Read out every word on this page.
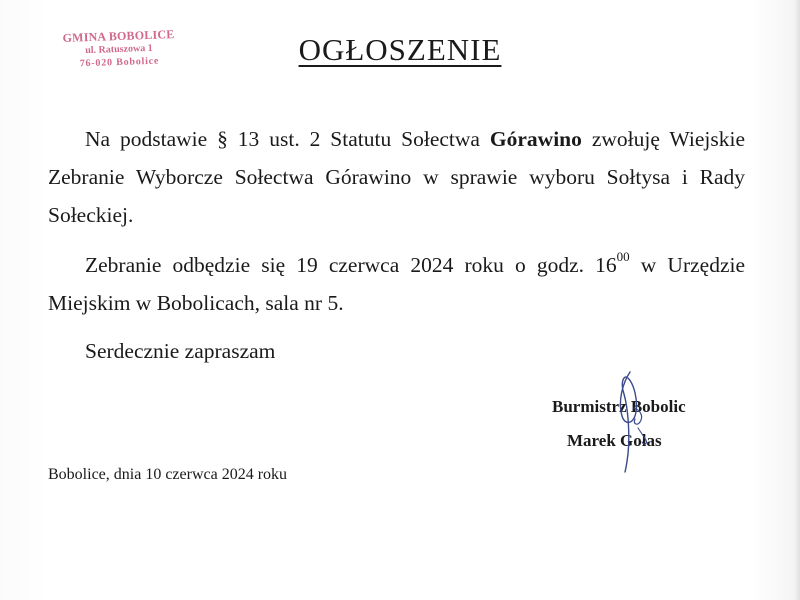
GMINA BOBOLICE
ul. Ratuszowa 1
76-020 Bobolice	OGŁOSZENIE
Na podstawie § 13 ust. 2 Statutu Sołectwa Górawino zwołuję Wiejskie Zebranie Wyborcze Sołectwa Górawino w sprawie wyboru Sołtysa i Rady Sołeckiej.
Zebranie odbędzie się 19 czerwca 2024 roku o godz. $16^{00}$ w Urzędzie Miejskim w Bobolicach, sala nr 5.
Serdecznie zapraszam
Burmistrz Bobolic
Marek Golas
Bobolice, dnia 10 czerwca 2024 roku
